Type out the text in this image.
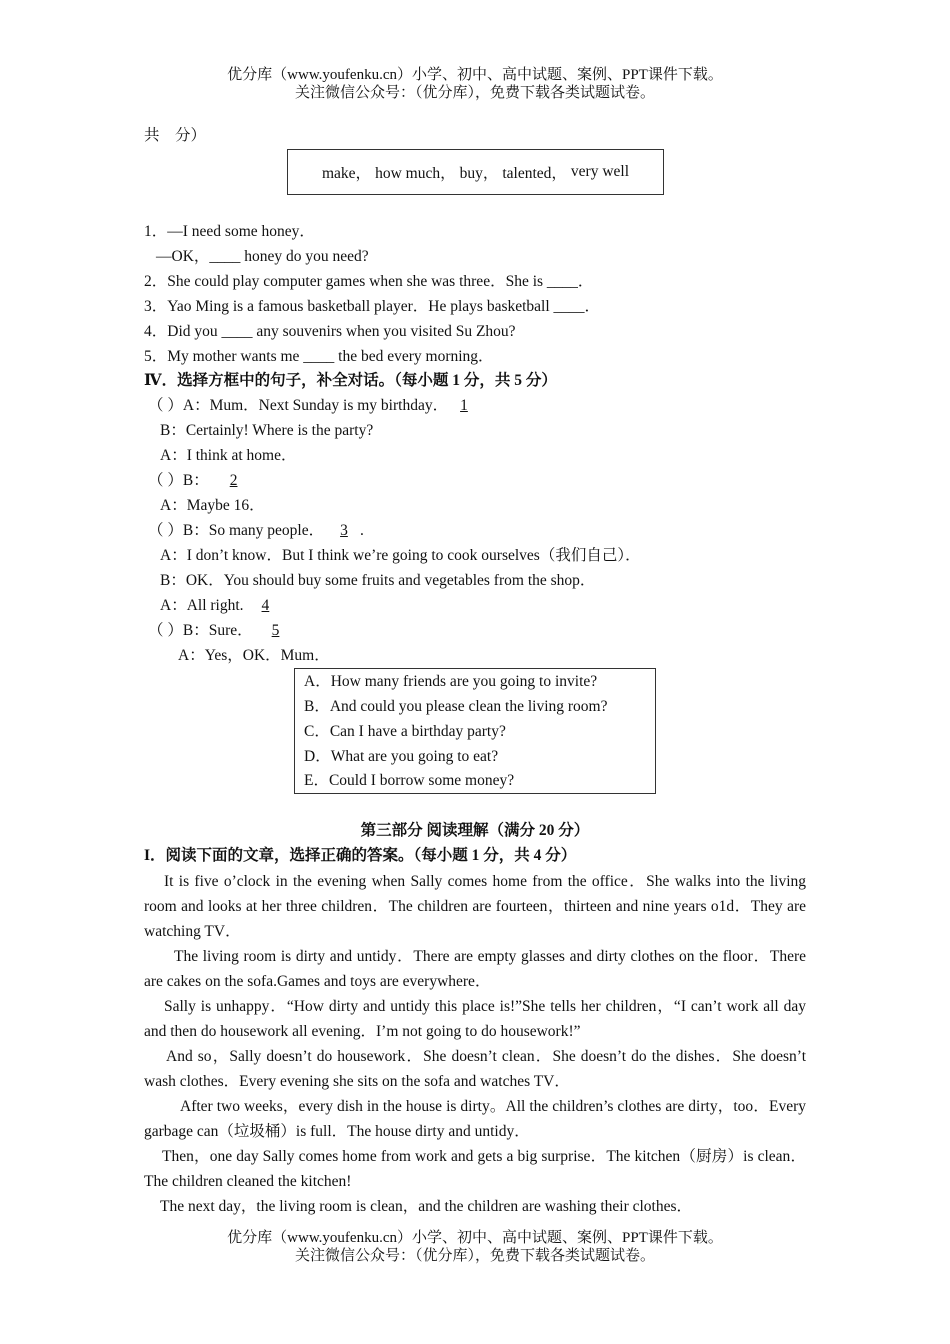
优分库（www.youfenku.cn）小学、初中、高中试题、案例、PPT课件下载。
关注微信公众号：（优分库），免费下载各类试题试卷。
共　分）
make， how much， buy， talented， very well
1．—I need some honey．
—OK，____ honey do you need?
2．She could play computer games when she was three．She is ____．
3．Yao Ming is a famous basketball player．He plays basketball ____．
4．Did you ____ any souvenirs when you visited Su Zhou?
5．My mother wants me ____ the bed every morning．
Ⅳ．选择方框中的句子，补全对话。（每小题 1 分，共 5 分）
（ ）A：Mum．Next Sunday is my birthday． 1
B：Certainly! Where is the party?
A：I think at home．
（ ）B： 2
A：Maybe 16．
（ ）B：So many people． 3 .
A：I don’t know．But I think we’re going to cook ourselves（我们自己）．
B：OK．You should buy some fruits and vegetables from the shop．
A：All right. 4
（ ）B：Sure． 5
A：Yes，OK．Mum．
A．How many friends are you going to invite?
B．And could you please clean the living room?
C．Can I have a birthday party?
D．What are you going to eat?
E．Could I borrow some money?
第三部分 阅读理解（满分 20 分）
I．阅读下面的文章，选择正确的答案。（每小题 1 分，共 4 分）
It is five o’clock in the evening when Sally comes home from the office．She walks into the living room and looks at her three children．The children are fourteen，thirteen and nine years o1d．They are watching TV．
The living room is dirty and untidy．There are empty glasses and dirty clothes on the floor．There are cakes on the sofa.Games and toys are everywhere．
Sally is unhappy．“How dirty and untidy this place is!”She tells her children，“I can’t work all day and then do housework all evening．I’m not going to do housework!”
And so，Sally doesn’t do housework．She doesn’t clean．She doesn’t do the dishes．She doesn’t wash clothes．Every evening she sits on the sofa and watches TV．
After two weeks，every dish in the house is dirty。All the children’s clothes are dirty，too．Every garbage can（垃圾桶）is full．The house dirty and untidy．
Then，one day Sally comes home from work and gets a big surprise．The kitchen（厨房）is clean．The children cleaned the kitchen!
The next day，the living room is clean，and the children are washing their clothes．
优分库（www.youfenku.cn）小学、初中、高中试题、案例、PPT课件下载。
关注微信公众号：（优分库），免费下载各类试题试卷。
